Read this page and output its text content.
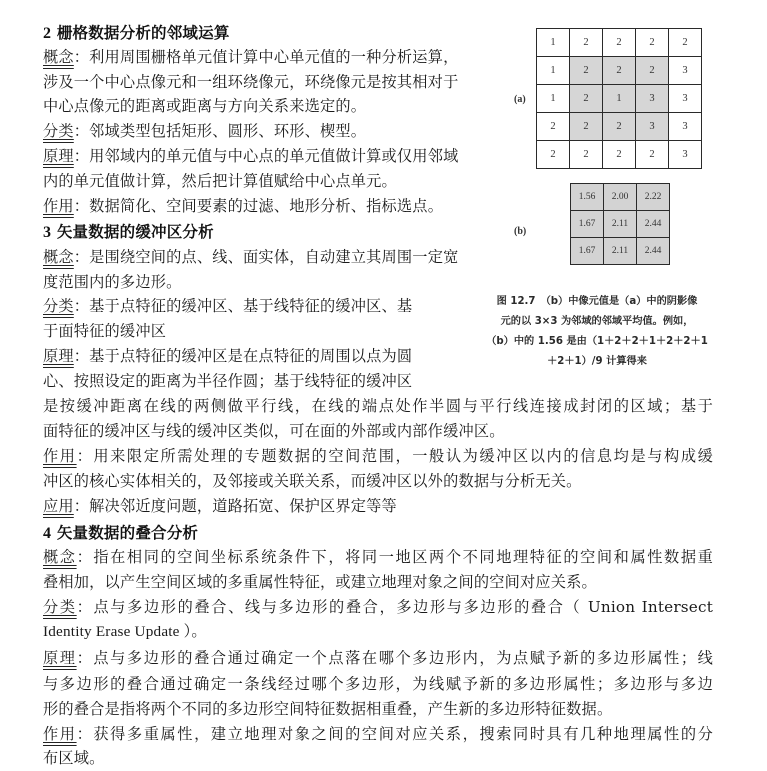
2 栅格数据分析的邻域运算
概念：利用周围栅格单元值计算中心单元值的一种分析运算，
涉及一个中心点像元和一组环绕像元，环绕像元是按其相对于
中心点像元的距离或距离与方向关系来选定的。
分类：邻域类型包括矩形、圆形、环形、楔型。
原理：用邻域内的单元值与中心点的单元值做计算或仅用邻域
内的单元值做计算，然后把计算值赋给中心点单元。
作用：数据简化、空间要素的过滤、地形分析、指标选点。
3 矢量数据的缓冲区分析
概念：是围绕空间的点、线、面实体，自动建立其周围一定宽
度范围内的多边形。
分类：基于点特征的缓冲区、基于线特征的缓冲区、基
于面特征的缓冲区
原理：基于点特征的缓冲区是在点特征的周围以点为圆
心、按照设定的距离为半径作圆；基于线特征的缓冲区
是按缓冲距离在线的两侧做平行线，在线的端点处作半圆与平行线连接成封闭的区域；基于
面特征的缓冲区与线的缓冲区类似，可在面的外部或内部作缓冲区。
作用：用来限定所需处理的专题数据的空间范围，一般认为缓冲区以内的信息均是与构成缓
冲区的核心实体相关的，及邻接或关联关系，而缓冲区以外的数据与分析无关。
应用：解决邻近度问题，道路拓宽、保护区界定等等
4 矢量数据的叠合分析
概念：指在相同的空间坐标系统条件下，将同一地区两个不同地理特征的空间和属性数据重
叠相加，以产生空间区域的多重属性特征，或建立地理对象之间的空间对应关系。
分类：点与多边形的叠合、线与多边形的叠合，多边形与多边形的叠合（ Union Intersect
Identity Erase Update ）。
原理：点与多边形的叠合通过确定一个点落在哪个多边形内，为点赋予新的多边形属性；线
与多边形的叠合通过确定一条线经过哪个多边形，为线赋予新的多边形属性；多边形与多边
形的叠合是指将两个不同的多边形空间特征数据相重叠，产生新的多边形特征数据。
作用：获得多重属性，建立地理对象之间的空间对应关系，搜索同时具有几种地理属性的分
布区域。
(a)
1	2	2	2	2
1	2	2	2	3
1	2	1	3	3
2	2	2	3	3
2	2	2	2	3
(b)
1.56	2.00	2.22
1.67	2.11	2.44
1.67	2.11	2.44
图 12.7　（b）中像元值是（a）中的阴影像
元的以 3×3 为邻域的邻域平均值。例如，
（b）中的 1.56 是由（1＋2＋2＋1＋2＋2＋1
＋2＋1）/9 计算得来
